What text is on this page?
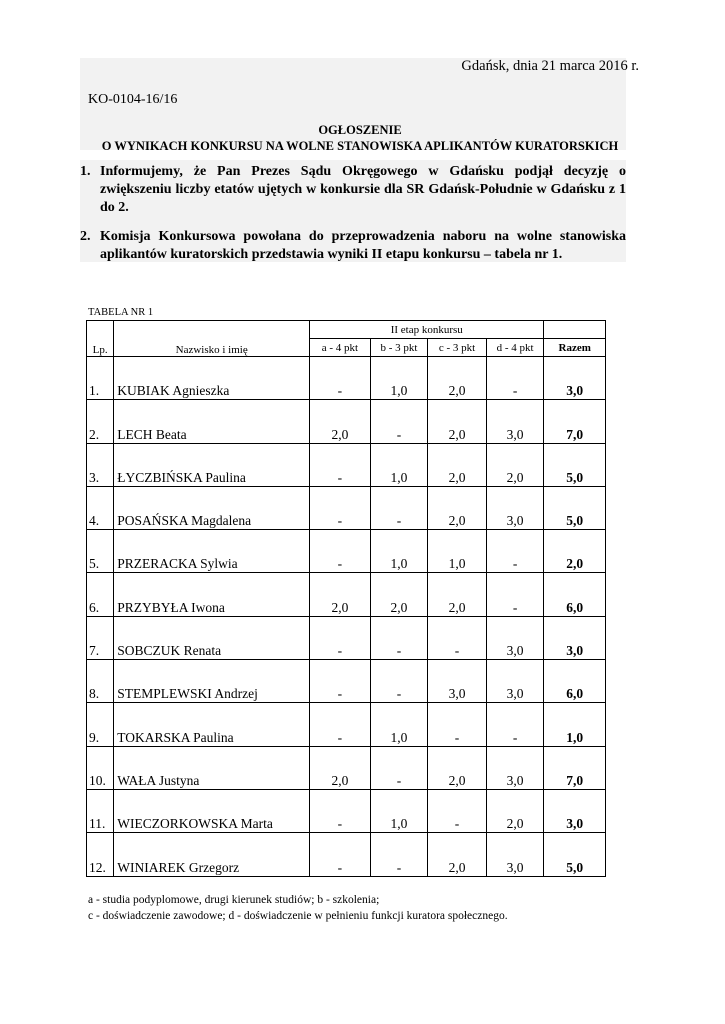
Gdańsk, dnia 21 marca 2016 r.
KO-0104-16/16
OGŁOSZENIE
O WYNIKACH KONKURSU NA WOLNE STANOWISKA APLIKANTÓW KURATORSKICH
1. Informujemy, że Pan Prezes Sądu Okręgowego w Gdańsku podjął decyzję o zwiększeniu liczby etatów ujętych w konkursie dla SR Gdańsk-Południe w Gdańsku z 1 do 2.
2. Komisja Konkursowa powołana do przeprowadzenia naboru na wolne stanowiska aplikantów kuratorskich przedstawia wyniki II etapu konkursu – tabela nr 1.
TABELA NR 1
Lp.	Nazwisko i imię	II etap konkursu				
		a - 4 pkt	b - 3 pkt	c - 3 pkt	d - 4 pkt	Razem
1.	KUBIAK Agnieszka	-	1,0	2,0	-	3,0
2.	LECH Beata	2,0	-	2,0	3,0	7,0
3.	ŁYCZBIŃSKA Paulina	-	1,0	2,0	2,0	5,0
4.	POSAŃSKA Magdalena	-	-	2,0	3,0	5,0
5.	PRZERACKA Sylwia	-	1,0	1,0	-	2,0
6.	PRZYBYŁA Iwona	2,0	2,0	2,0	-	6,0
7.	SOBCZUK Renata	-	-	-	3,0	3,0
8.	STEMPLEWSKI Andrzej	-	-	3,0	3,0	6,0
9.	TOKARSKA Paulina	-	1,0	-	-	1,0
10.	WAŁA Justyna	2,0	-	2,0	3,0	7,0
11.	WIECZORKOWSKA Marta	-	1,0	-	2,0	3,0
12.	WINIAREK Grzegorz	-	-	2,0	3,0	5,0
a - studia podyplomowe, drugi kierunek studiów; b - szkolenia;
c - doświadczenie zawodowe; d - doświadczenie w pełnieniu funkcji kuratora społecznego.
